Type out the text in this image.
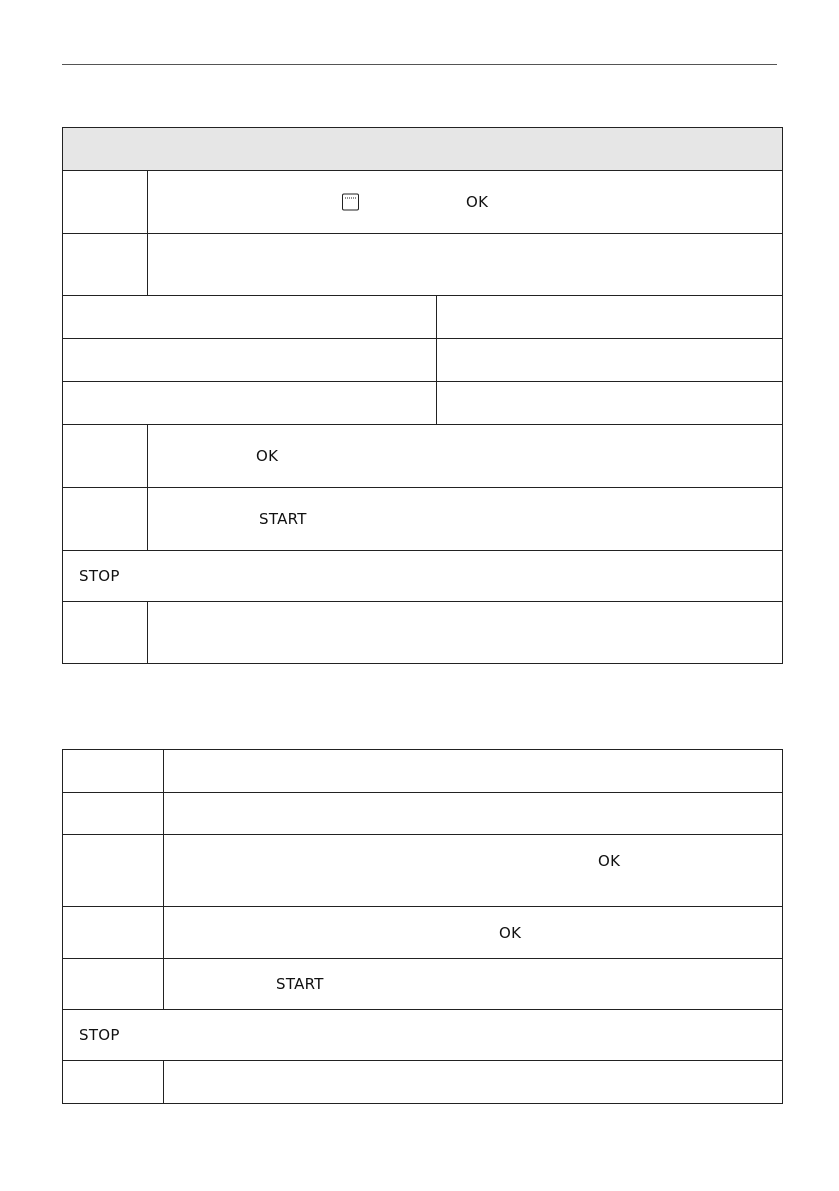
	OK	

	OK	

	START	

STOP		

	OK

	OK

	START

STOP	
